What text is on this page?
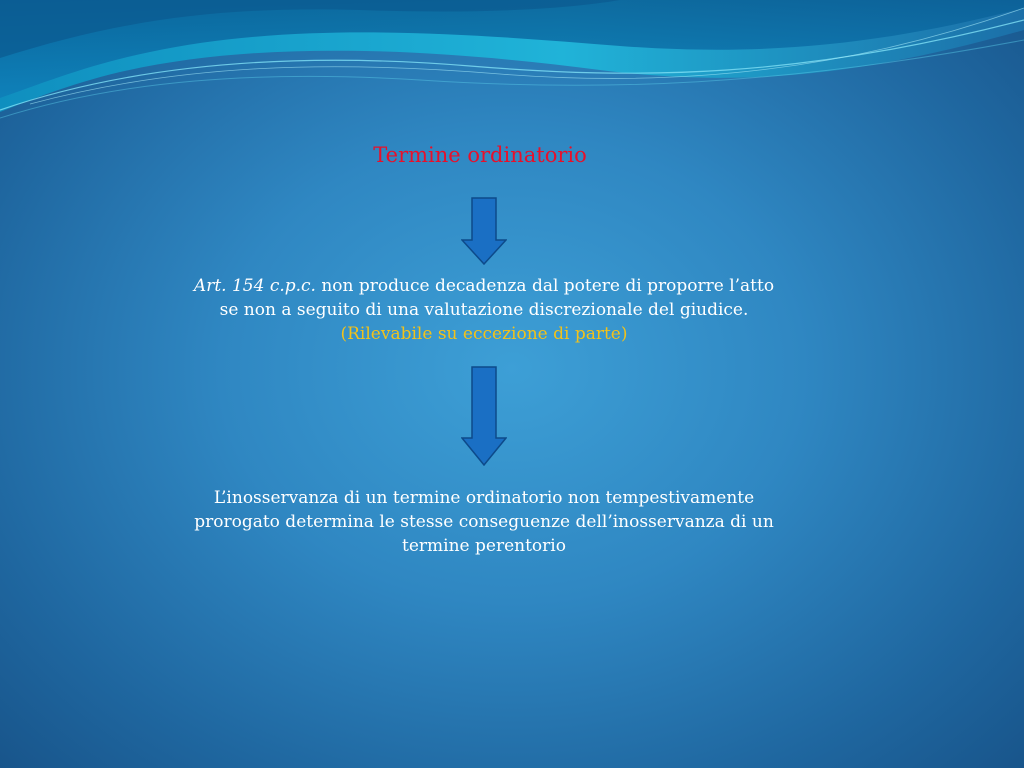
Termine ordinatorio
Art. 154 c.p.c. non produce decadenza dal potere di proporre l’atto
se non a seguito di una valutazione discrezionale del giudice.
(Rilevabile su eccezione di parte)
L’inosservanza di un termine ordinatorio non tempestivamente
prorogato determina le stesse conseguenze dell’inosservanza di un
termine perentorio
